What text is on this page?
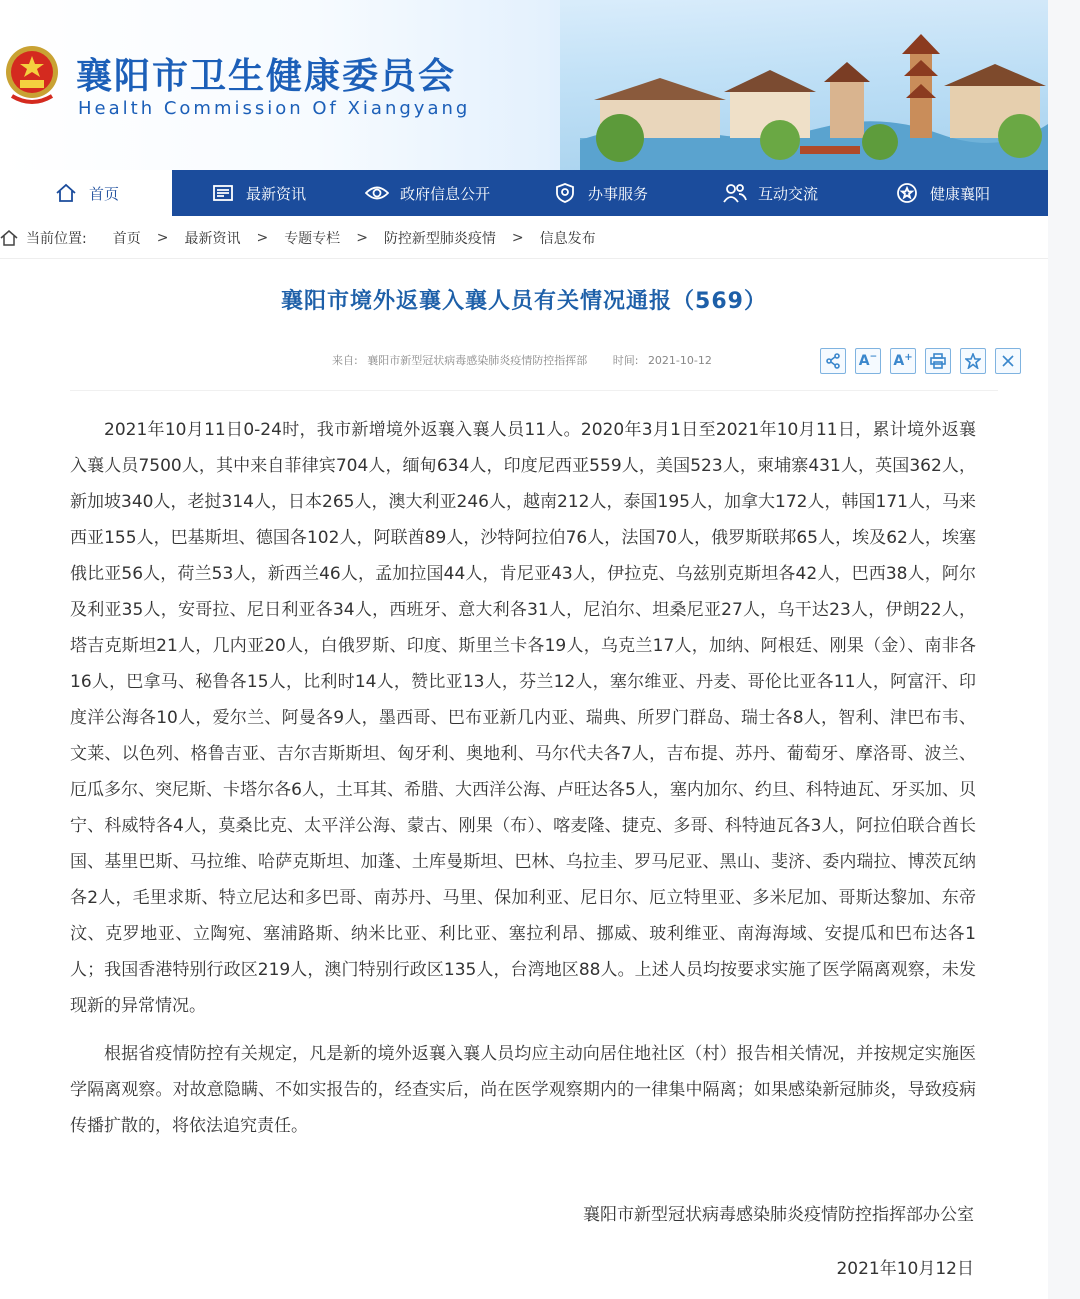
襄阳市卫生健康委员会
Health Commission Of Xiangyang
首页	最新资讯	政府信息公开	办事服务	互动交流	健康襄阳
当前位置: 首页 > 最新资讯 > 专题专栏 > 防控新型肺炎疫情 > 信息发布
襄阳市境外返襄入襄人员有关情况通报（569）
来自: 襄阳市新型冠状病毒感染肺炎疫情防控指挥部 时间: 2021-10-12	A − A +

2021年10月11日0-24时，我市新增境外返襄入襄人员11人。2020年3月1日至2021年10月11日，累计境外返襄入襄人员7500人，其中来自菲律宾704人，缅甸634人，印度尼西亚559人，美国523人，柬埔寨431人，英国362人，新加坡340人，老挝314人，日本265人，澳大利亚246人，越南212人，泰国195人，加拿大172人，韩国171人，马来西亚155人，巴基斯坦、德国各102人，阿联酋89人，沙特阿拉伯76人，法国70人，俄罗斯联邦65人，埃及62人，埃塞俄比亚56人，荷兰53人，新西兰46人，孟加拉国44人，肯尼亚43人，伊拉克、乌兹别克斯坦各42人，巴西38人，阿尔及利亚35人，安哥拉、尼日利亚各34人，西班牙、意大利各31人，尼泊尔、坦桑尼亚27人，乌干达23人，伊朗22人，塔吉克斯坦21人，几内亚20人，白俄罗斯、印度、斯里兰卡各19人，乌克兰17人，加纳、阿根廷、刚果（金）、南非各16人，巴拿马、秘鲁各15人，比利时14人，赞比亚13人，芬兰12人，塞尔维亚、丹麦、哥伦比亚各11人，阿富汗、印度洋公海各10人，爱尔兰、阿曼各9人，墨西哥、巴布亚新几内亚、瑞典、所罗门群岛、瑞士各8人，智利、津巴布韦、文莱、以色列、格鲁吉亚、吉尔吉斯斯坦、匈牙利、奥地利、马尔代夫各7人，吉布提、苏丹、葡萄牙、摩洛哥、波兰、厄瓜多尔、突尼斯、卡塔尔各6人，土耳其、希腊、大西洋公海、卢旺达各5人，塞内加尔、约旦、科特迪瓦、牙买加、贝宁、科威特各4人，莫桑比克、太平洋公海、蒙古、刚果（布）、喀麦隆、捷克、多哥、科特迪瓦各3人，阿拉伯联合酋长国、基里巴斯、马拉维、哈萨克斯坦、加蓬、土库曼斯坦、巴林、乌拉圭、罗马尼亚、黑山、斐济、委内瑞拉、博茨瓦纳各2人，毛里求斯、特立尼达和多巴哥、南苏丹、马里、保加利亚、尼日尔、厄立特里亚、多米尼加、哥斯达黎加、东帝汶、克罗地亚、立陶宛、塞浦路斯、纳米比亚、利比亚、塞拉利昂、挪威、玻利维亚、南海海域、安提瓜和巴布达各1人；我国香港特别行政区219人，澳门特别行政区135人，台湾地区88人。上述人员均按要求实施了医学隔离观察，未发现新的异常情况。

根据省疫情防控有关规定，凡是新的境外返襄入襄人员均应主动向居住地社区（村）报告相关情况，并按规定实施医学隔离观察。对故意隐瞒、不如实报告的，经查实后，尚在医学观察期内的一律集中隔离；如果感染新冠肺炎，导致疫病传播扩散的，将依法追究责任。

襄阳市新型冠状病毒感染肺炎疫情防控指挥部办公室
2021年10月12日
